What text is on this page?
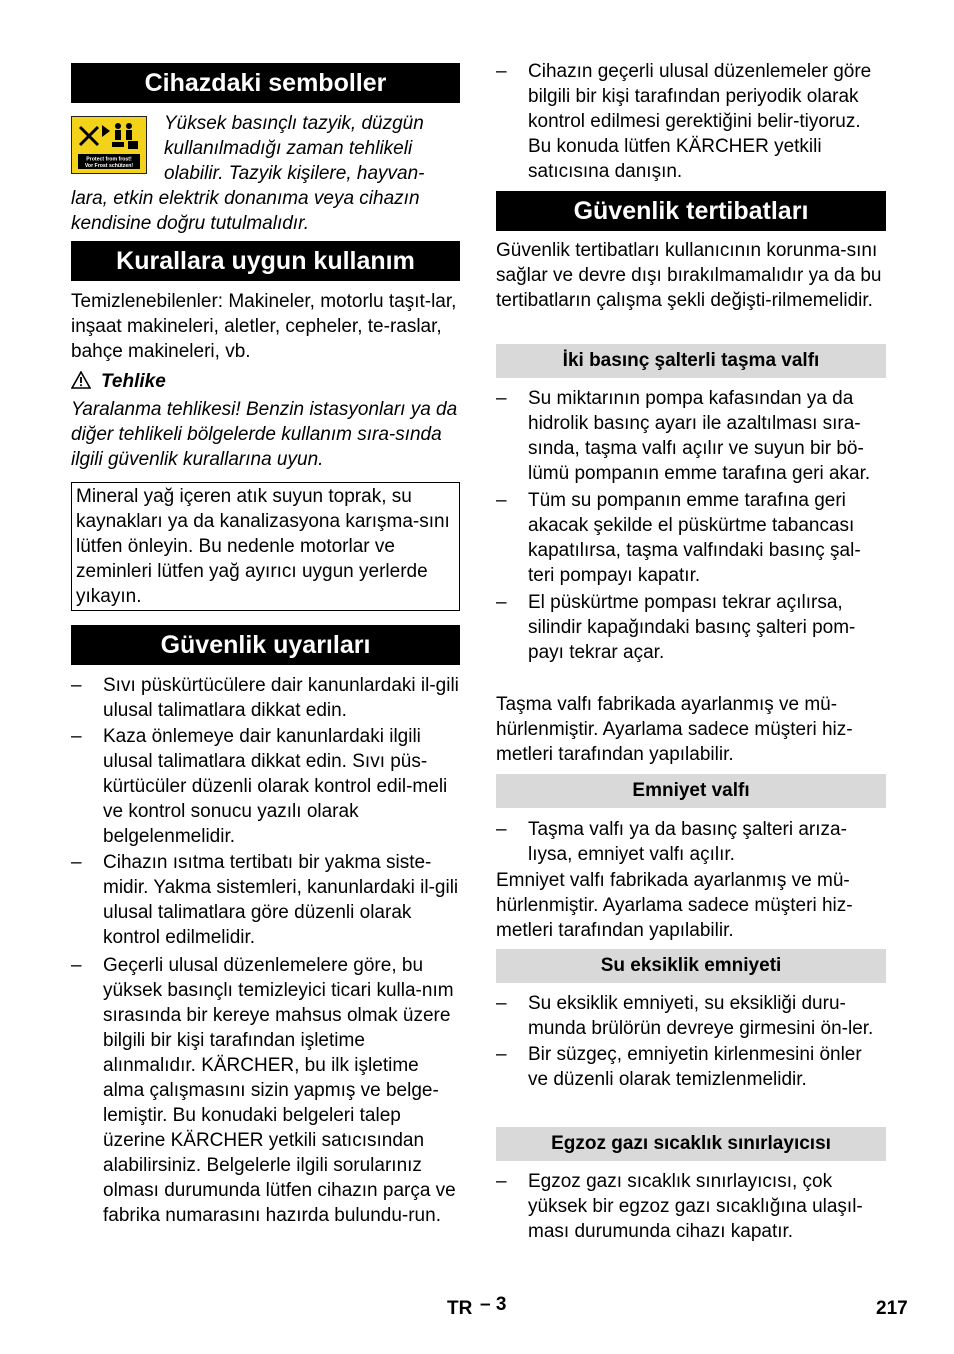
Cihazdaki semboller
Protect from frost!
Vor Frost schützen!
Yüksek basınçlı tazyik, düzgün kullanılmadığı zaman tehlikeli olabilir. Tazyik kişilere, hayvan-
lara, etkin elektrik donanıma veya cihazın kendisine doğru tutulmalıdır.
Kurallara uygun kullanım
Temizlenebilenler: Makineler, motorlu taşıt-lar, inşaat makineleri, aletler, cepheler, te-raslar, bahçe makineleri, vb.
Tehlike
Yaralanma tehlikesi! Benzin istasyonları ya da diğer tehlikeli bölgelerde kullanım sıra-sında ilgili güvenlik kurallarına uyun.
Mineral yağ içeren atık suyun toprak, su kaynakları ya da kanalizasyona karışma-sını lütfen önleyin. Bu nedenle motorlar ve zeminleri lütfen yağ ayırıcı uygun yerlerde yıkayın.
Güvenlik uyarıları
– Sıvı püskürtücülere dair kanunlardaki il-gili ulusal talimatlara dikkat edin.
– Kaza önlemeye dair kanunlardaki ilgili ulusal talimatlara dikkat edin. Sıvı püs-kürtücüler düzenli olarak kontrol edil-meli ve kontrol sonucu yazılı olarak belgelenmelidir.
– Cihazın ısıtma tertibatı bir yakma siste-midir. Yakma sistemleri, kanunlardaki il-gili ulusal talimatlara göre düzenli olarak kontrol edilmelidir.
– Geçerli ulusal düzenlemelere göre, bu yüksek basınçlı temizleyici ticari kulla-nım sırasında bir kereye mahsus olmak üzere bilgili bir kişi tarafından işletime alınmalıdır. KÄRCHER, bu ilk işletime alma çalışmasını sizin yapmış ve belge-lemiştir. Bu konudaki belgeleri talep üzerine KÄRCHER yetkili satıcısından alabilirsiniz. Belgelerle ilgili sorularınız olması durumunda lütfen cihazın parça ve fabrika numarasını hazırda bulundu-run.
– Cihazın geçerli ulusal düzenlemeler göre bilgili bir kişi tarafından periyodik olarak kontrol edilmesi gerektiğini belir-tiyoruz. Bu konuda lütfen KÄRCHER yetkili satıcısına danışın.
Güvenlik tertibatları
Güvenlik tertibatları kullanıcının korunma-sını sağlar ve devre dışı bırakılmamalıdır ya da bu tertibatların çalışma şekli değişti-rilmemelidir.
İki basınç şalterli taşma valfı
– Su miktarının pompa kafasından ya da hidrolik basınç ayarı ile azaltılması sıra-sında, taşma valfı açılır ve suyun bir bö-lümü pompanın emme tarafına geri akar.
– Tüm su pompanın emme tarafına geri akacak şekilde el püskürtme tabancası kapatılırsa, taşma valfındaki basınç şal-teri pompayı kapatır.
– El püskürtme pompası tekrar açılırsa, silindir kapağındaki basınç şalteri pom-payı tekrar açar.
Taşma valfı fabrikada ayarlanmış ve mü-hürlenmiştir. Ayarlama sadece müşteri hiz-metleri tarafından yapılabilir.
Emniyet valfı
– Taşma valfı ya da basınç şalteri arıza-lıysa, emniyet valfı açılır.
Emniyet valfı fabrikada ayarlanmış ve mü-hürlenmiştir. Ayarlama sadece müşteri hiz-metleri tarafından yapılabilir.
Su eksiklik emniyeti
– Su eksiklik emniyeti, su eksikliği duru-munda brülörün devreye girmesini ön-ler.
– Bir süzgeç, emniyetin kirlenmesini önler ve düzenli olarak temizlenmelidir.
Egzoz gazı sıcaklık sınırlayıcısı
– Egzoz gazı sıcaklık sınırlayıcısı, çok yüksek bir egzoz gazı sıcaklığına ulaşıl-ması durumunda cihazı kapatır.
TR – 3	217
